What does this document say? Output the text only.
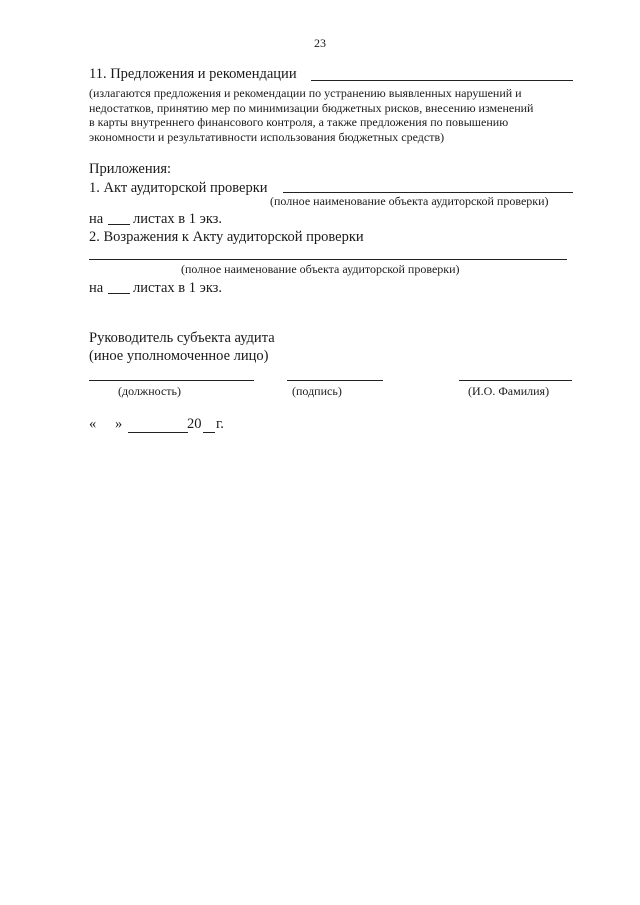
23
11. Предложения и рекомендации
(излагаются предложения и рекомендации по устранению выявленных нарушений и
недостатков, принятию мер по минимизации бюджетных рисков, внесению изменений
в карты внутреннего финансового контроля, а также предложения по повышению
экономности и результативности использования бюджетных средств)
Приложения:
1. Акт аудиторской проверки
(полное наименование объекта аудиторской проверки)
на листах в 1 экз.
2. Возражения к Акту аудиторской проверки
(полное наименование объекта аудиторской проверки)
на листах в 1 экз.
Руководитель субъекта аудита
(иное уполномоченное лицо)
(должность)	(подпись)	(И.О. Фамилия)
« »	20 г.
